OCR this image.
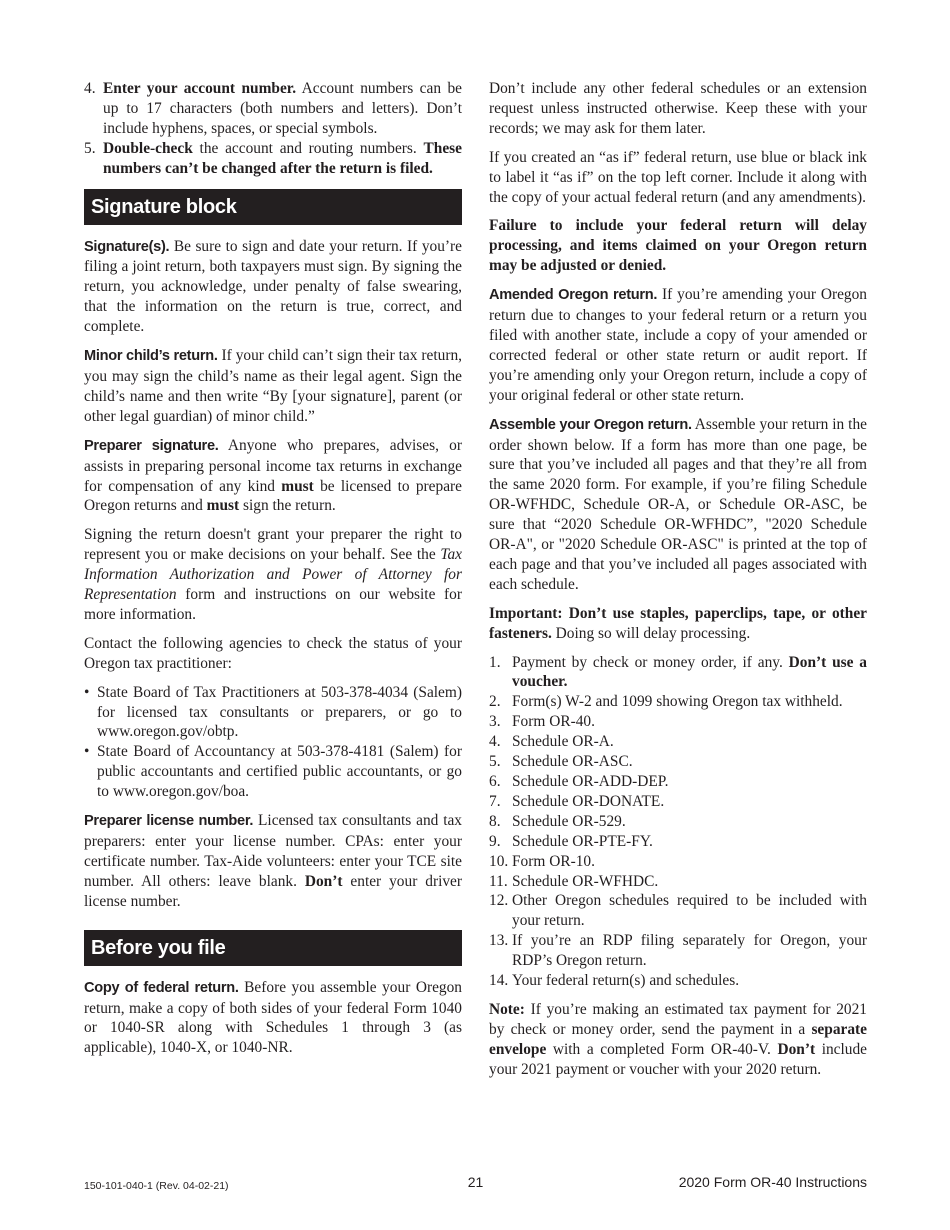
4. Enter your account number. Account numbers can be up to 17 characters (both numbers and letters). Don’t include hyphens, spaces, or special symbols.
5. Double-check the account and routing numbers. These numbers can’t be changed after the return is filed.
Signature block

Signature(s). Be sure to sign and date your return. If you’re filing a joint return, both taxpayers must sign. By signing the return, you acknowledge, under penalty of false swearing, that the information on the return is true, correct, and complete.

Minor child’s return. If your child can’t sign their tax return, you may sign the child’s name as their legal agent. Sign the child’s name and then write “By [your signature], parent (or other legal guardian) of minor child.”

Preparer signature. Anyone who prepares, advises, or assists in preparing personal income tax returns in exchange for compensation of any kind must be licensed to prepare Oregon returns and must sign the return.

Signing the return doesn't grant your preparer the right to represent you or make decisions on your behalf. See the Tax Information Authorization and Power of Attorney for Representation form and instructions on our website for more information.

Contact the following agencies to check the status of your Oregon tax practitioner:

• State Board of Tax Practitioners at 503-378-4034 (Salem) for licensed tax consultants or preparers, or go to www.oregon.gov/obtp.
• State Board of Accountancy at 503-378-4181 (Salem) for public accountants and certified public accountants, or go to www.oregon.gov/boa.

Preparer license number. Licensed tax consultants and tax preparers: enter your license number. CPAs: enter your certificate number. Tax-Aide volunteers: enter your TCE site number. All others: leave blank. Don’t enter your driver license number.

Before you file

Copy of federal return. Before you assemble your Oregon return, make a copy of both sides of your federal Form 1040 or 1040-SR along with Schedules 1 through 3 (as applicable), 1040-X, or 1040-NR.

Don’t include any other federal schedules or an extension request unless instructed otherwise. Keep these with your records; we may ask for them later.

If you created an “as if” federal return, use blue or black ink to label it “as if” on the top left corner. Include it along with the copy of your actual federal return (and any amendments).

Failure to include your federal return will delay processing, and items claimed on your Oregon return may be adjusted or denied.

Amended Oregon return. If you’re amending your Oregon return due to changes to your federal return or a return you filed with another state, include a copy of your amended or corrected federal or other state return or audit report. If you’re amending only your Oregon return, include a copy of your original federal or other state return.

Assemble your Oregon return. Assemble your return in the order shown below. If a form has more than one page, be sure that you’ve included all pages and that they’re all from the same 2020 form. For example, if you’re filing Schedule OR-WFHDC, Schedule OR-A, or Schedule OR-ASC, be sure that “2020 Schedule OR-WFHDC”, "2020 Schedule OR-A", or "2020 Schedule OR-ASC" is printed at the top of each page and that you’ve included all pages associated with each schedule.

Important: Don’t use staples, paperclips, tape, or other fasteners. Doing so will delay processing.

1. Payment by check or money order, if any. Don’t use a voucher.
2. Form(s) W-2 and 1099 showing Oregon tax withheld.
3. Form OR-40.
4. Schedule OR-A.
5. Schedule OR-ASC.
6. Schedule OR-ADD-DEP.
7. Schedule OR-DONATE.
8. Schedule OR-529.
9. Schedule OR-PTE-FY.
10. Form OR-10.
11. Schedule OR-WFHDC.
12. Other Oregon schedules required to be included with your return.
13. If you’re an RDP filing separately for Oregon, your RDP’s Oregon return.
14. Your federal return(s) and schedules.

Note: If you’re making an estimated tax payment for 2021 by check or money order, send the payment in a separate envelope with a completed Form OR-40-V. Don’t include your 2021 payment or voucher with your 2020 return.

150-101-040-1 (Rev. 04-02-21)	21	2020 Form OR-40 Instructions
